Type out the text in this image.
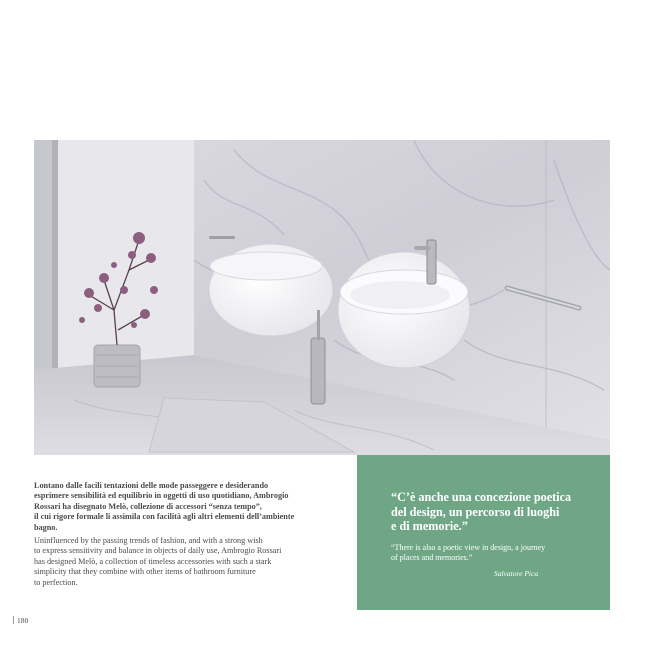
Lontano dalle facili tentazioni delle mode passeggere e desiderando

esprimere sensibilità ed equilibrio in oggetti di uso quotidiano, Ambrogio

Rossari ha disegnato Melò, collezione di accessori “senza tempo”,

il cui rigore formale li assimila con facilità agli altri elementi dell’ambiente

bagno.

Uninfluenced by the passing trends of fashion, and with a strong wish

to express sensitivity and balance in objects of daily use, Ambrogio Rossari

has designed Melò, a collection of timeless accessories with such a stark

simplicity that they combine with other items of bathroom furniture

to perfection.

“C’è anche una concezione poetica
del design, un percorso di luoghi
e di memorie.”

“There is also a poetic view in design, a journey
of places and memories.”

Salvatore Pica

180
